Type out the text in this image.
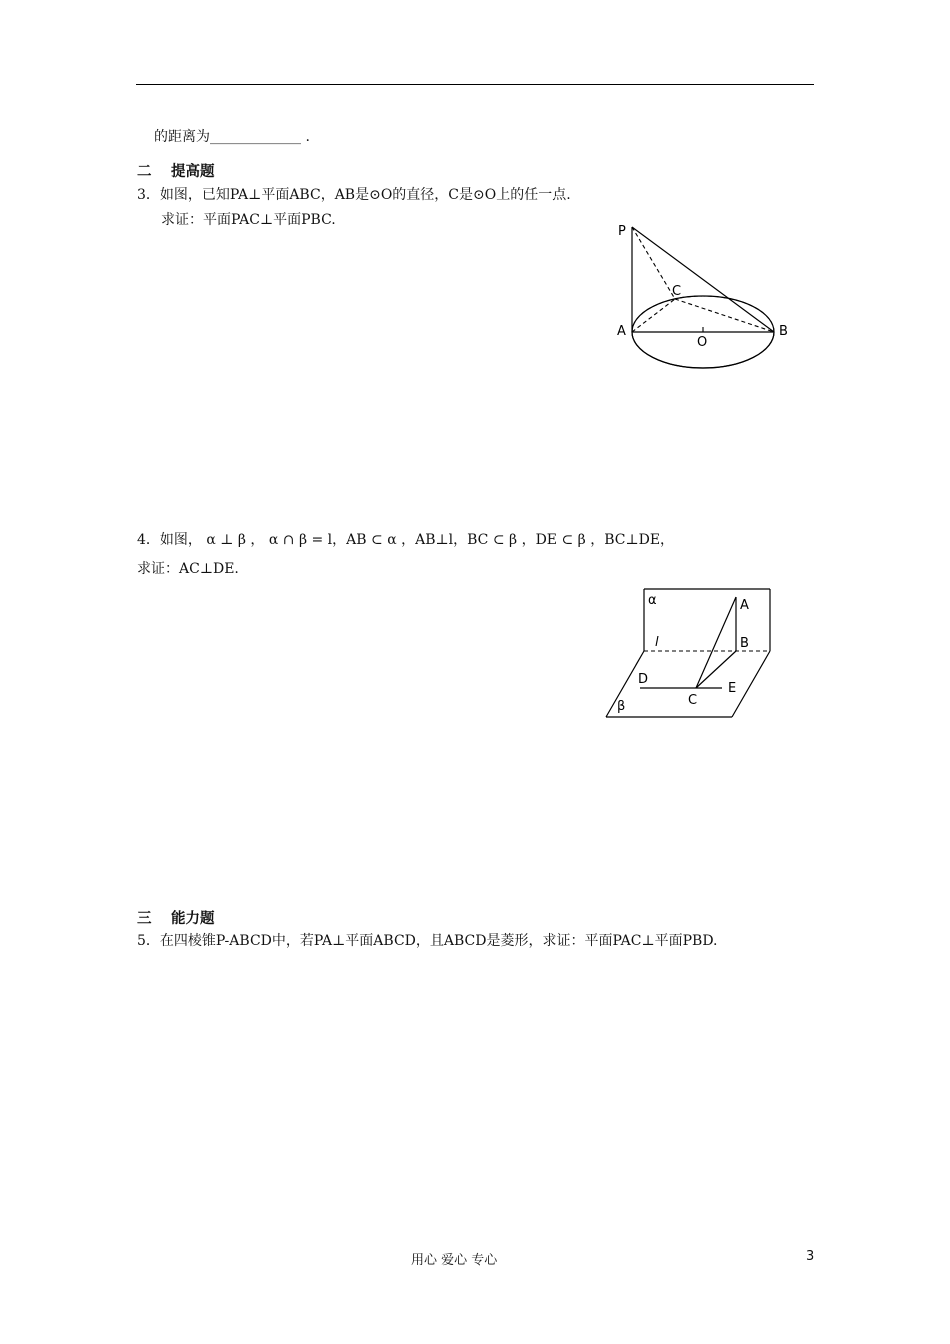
的距离为_____________ .
二 提高题
3．如图，已知PA⊥平面ABC，AB是⊙O的直径，C是⊙O上的任一点.
求证：平面PAC⊥平面PBC.
P
C
A	B
O
4．如图， α ⊥ β ， α ∩ β = l，AB ⊂ α ，AB⊥l，BC ⊂ β ，DE ⊂ β ，BC⊥DE，
求证：AC⊥DE.
α	A
l	B
D
E
C
β
三 能力题
5．在四棱锥P-ABCD中，若PA⊥平面ABCD，且ABCD是菱形，求证：平面PAC⊥平面PBD.
用心 爱心 专心	3
